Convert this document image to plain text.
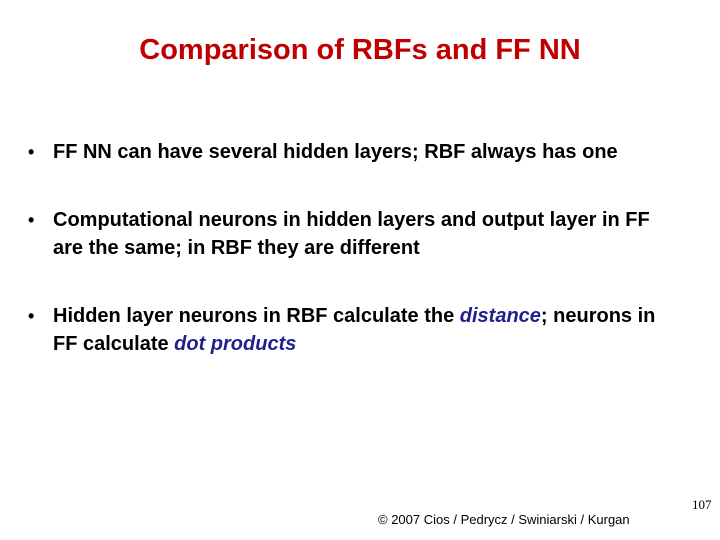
Comparison of RBFs and FF NN
• FF NN can have several hidden layers; RBF always has one
• Computational neurons in hidden layers and output layer in FF are the same; in RBF they are different
• Hidden layer neurons in RBF calculate the distance; neurons in FF calculate dot products
107
© 2007 Cios / Pedrycz / Swiniarski / Kurgan
